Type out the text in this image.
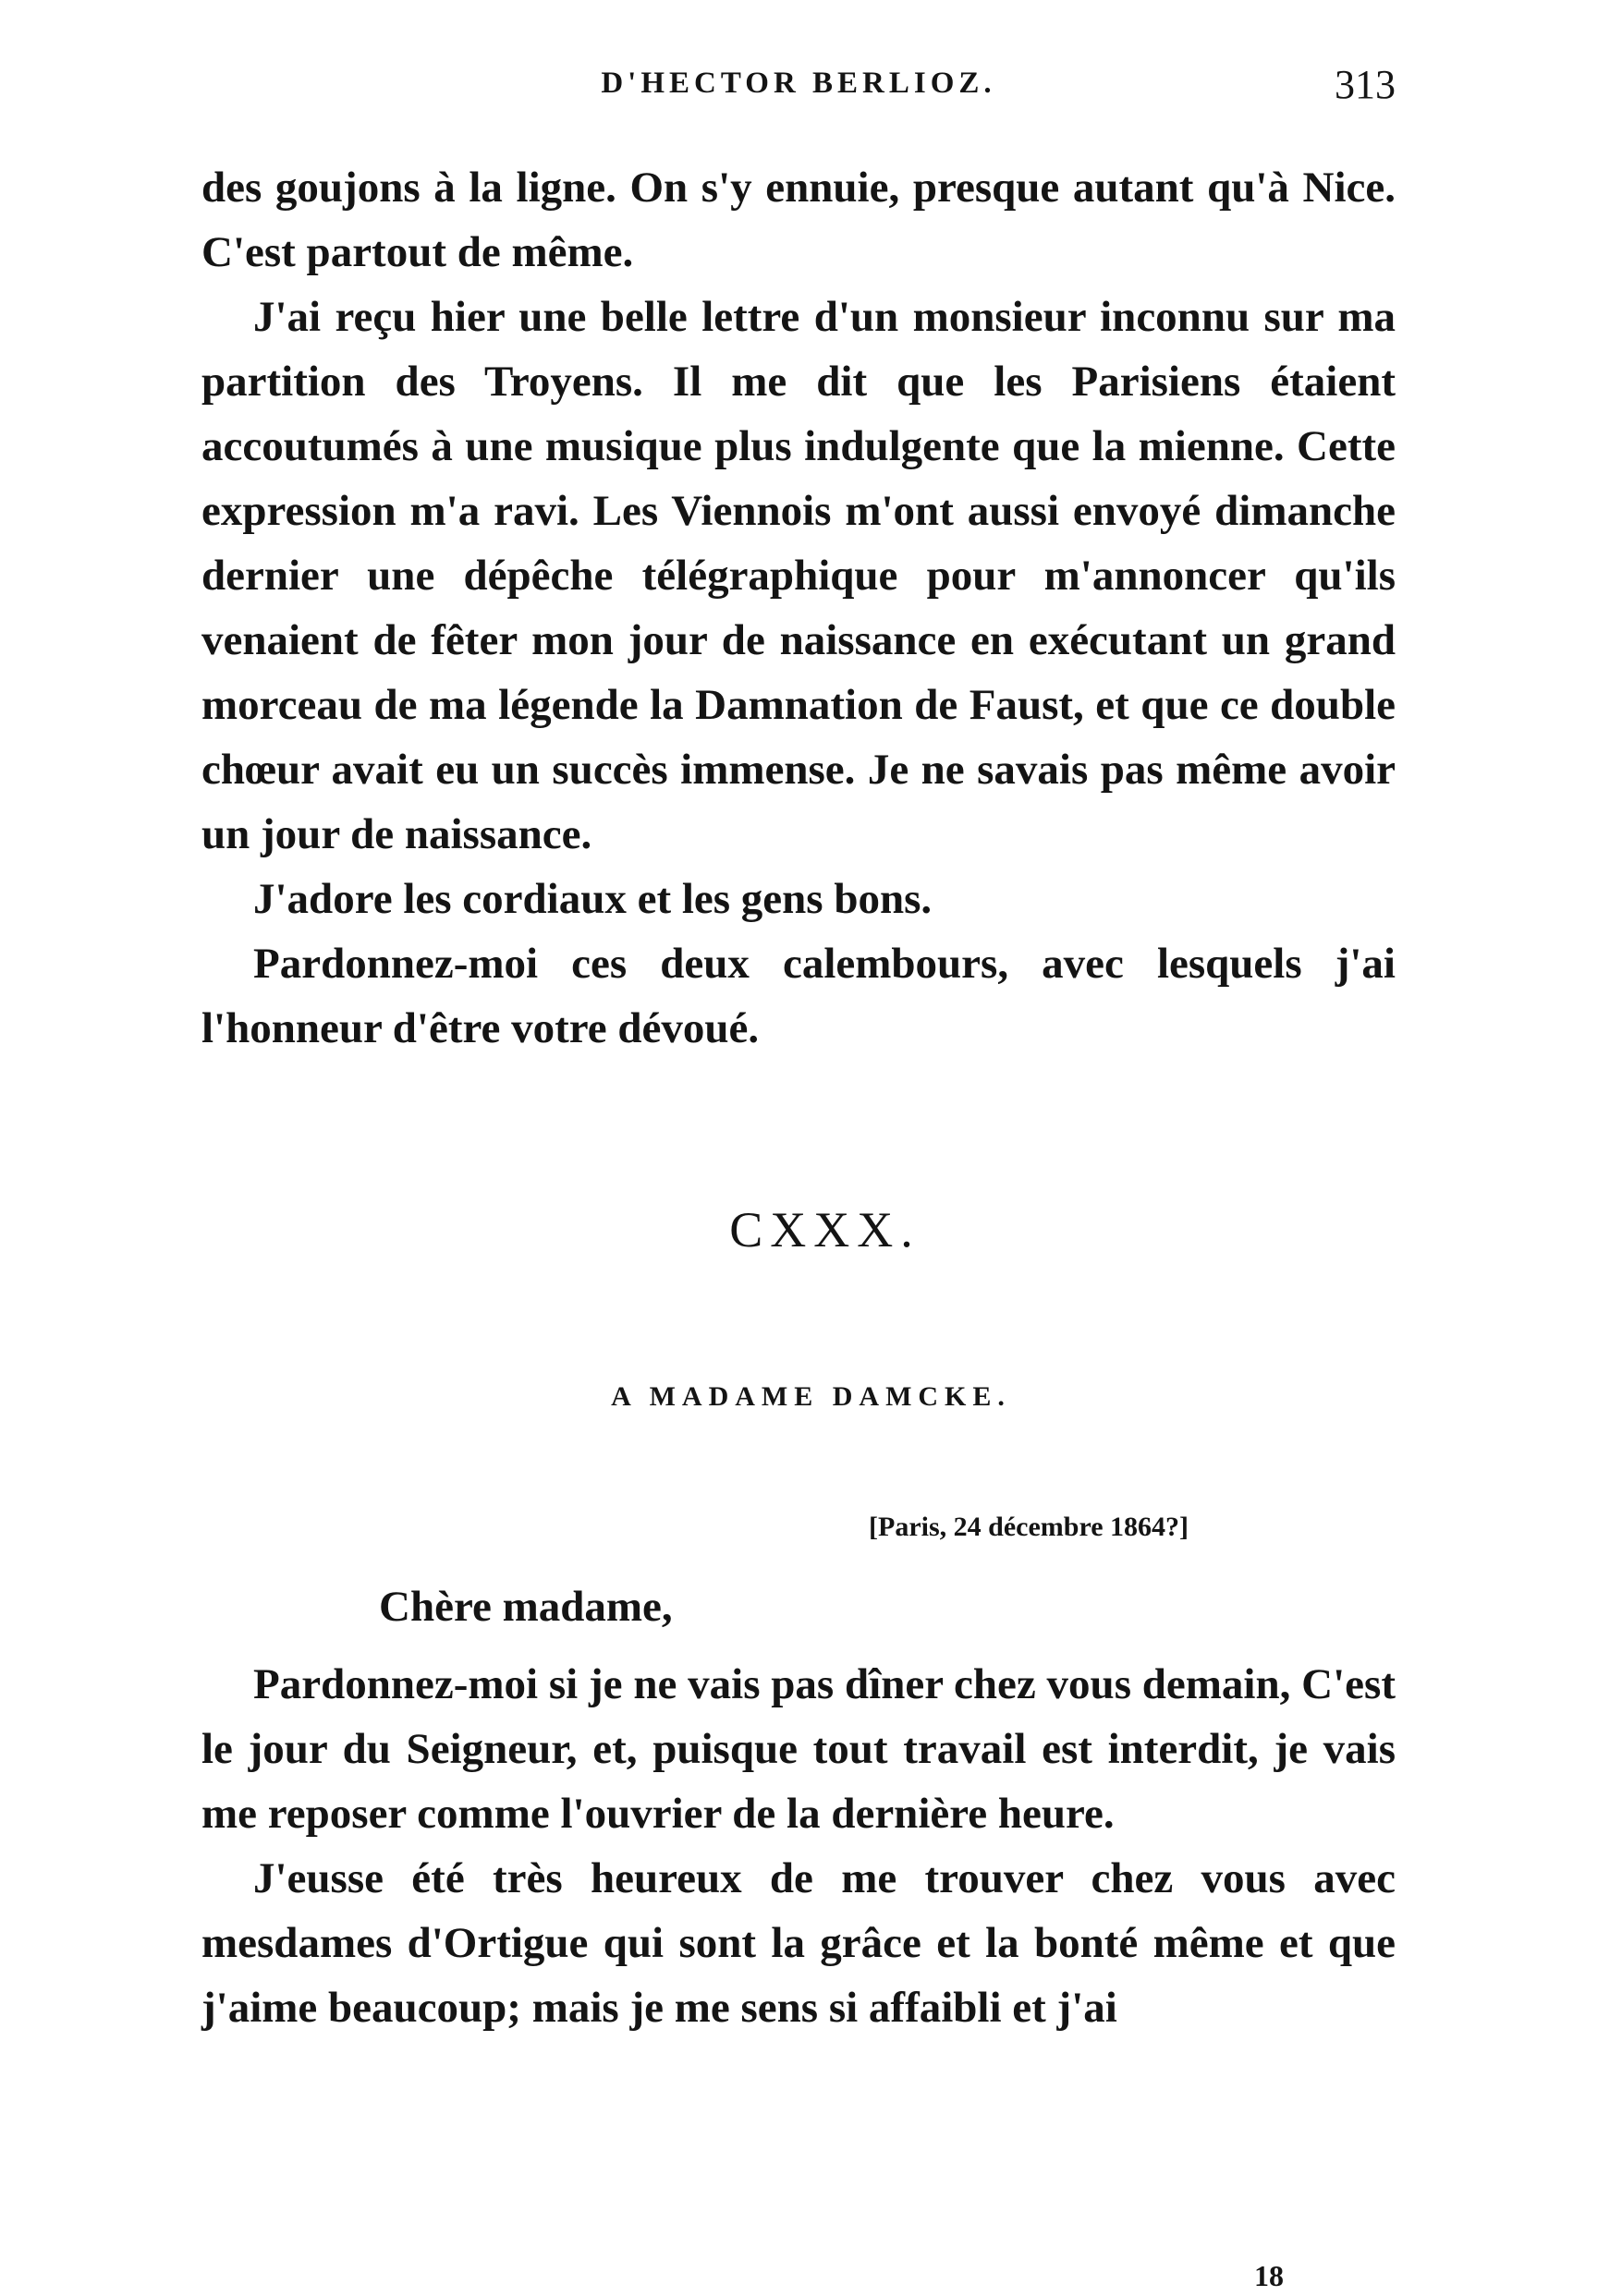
D'HECTOR BERLIOZ.	313

des goujons à la ligne. On s'y ennuie, presque autant qu'à Nice. C'est partout de même.

J'ai reçu hier une belle lettre d'un monsieur inconnu sur ma partition des Troyens. Il me dit que les Parisiens étaient accoutumés à une musique plus indulgente que la mienne. Cette expression m'a ravi. Les Viennois m'ont aussi envoyé dimanche dernier une dépêche télégraphique pour m'annoncer qu'ils venaient de fêter mon jour de naissance en exécutant un grand morceau de ma légende la Damnation de Faust, et que ce double chœur avait eu un succès immense. Je ne savais pas même avoir un jour de naissance.

J'adore les cordiaux et les gens bons.

Pardonnez-moi ces deux calembours, avec lesquels j'ai l'honneur d'être votre dévoué.

CXXX.
A MADAME DAMCKE.
[Paris, 24 décembre 1864?]
Chère madame,

Pardonnez-moi si je ne vais pas dîner chez vous demain, C'est le jour du Seigneur, et, puisque tout travail est interdit, je vais me reposer comme l'ouvrier de la dernière heure.

J'eusse été très heureux de me trouver chez vous avec mesdames d'Ortigue qui sont la grâce et la bonté même et que j'aime beaucoup; mais je me sens si affaibli et j'ai

18
